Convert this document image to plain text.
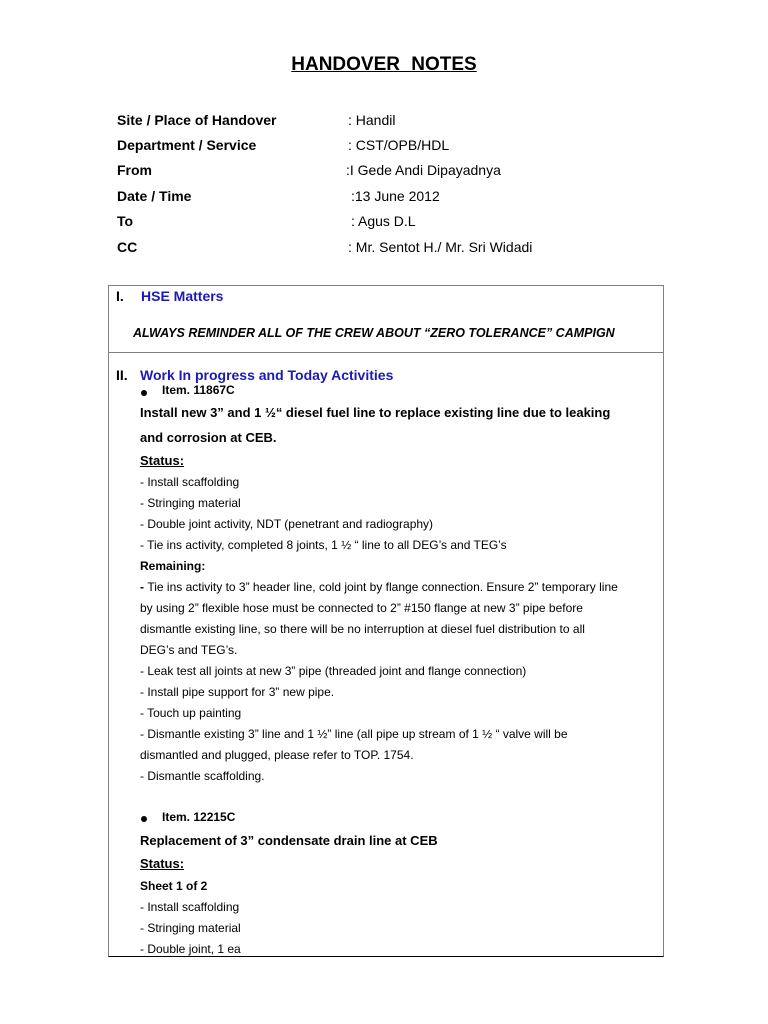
HANDOVER NOTES
Site / Place of Handover	: Handil
Department / Service	: CST/OPB/HDL
From	:I Gede Andi Dipayadnya
Date / Time	:13 June 2012
To	: Agus D.L
CC	: Mr. Sentot H./ Mr. Sri Widadi
I. HSE Matters
ALWAYS REMINDER ALL OF THE CREW ABOUT “ZERO TOLERANCE” CAMPIGN
II. Work In progress and Today Activities
Item. 11867C
Install new 3” and 1 ½“ diesel fuel line to replace existing line due to leaking
and corrosion at CEB.
Status:
- Install scaffolding
- Stringing material
- Double joint activity, NDT (penetrant and radiography)
- Tie ins activity, completed 8 joints, 1 ½ “ line to all DEG’s and TEG’s
Remaining:
- Tie ins activity to 3” header line, cold joint by flange connection. Ensure 2” temporary line
by using 2” flexible hose must be connected to 2” #150 flange at new 3” pipe before
dismantle existing line, so there will be no interruption at diesel fuel distribution to all
DEG’s and TEG’s.
- Leak test all joints at new 3” pipe (threaded joint and flange connection)
- Install pipe support for 3” new pipe.
- Touch up painting
- Dismantle existing 3” line and 1 ½” line (all pipe up stream of 1 ½ “ valve will be
dismantled and plugged, please refer to TOP. 1754.
- Dismantle scaffolding.
Item. 12215C
Replacement of 3” condensate drain line at CEB
Status:
Sheet 1 of 2
- Install scaffolding
- Stringing material
- Double joint, 1 ea
